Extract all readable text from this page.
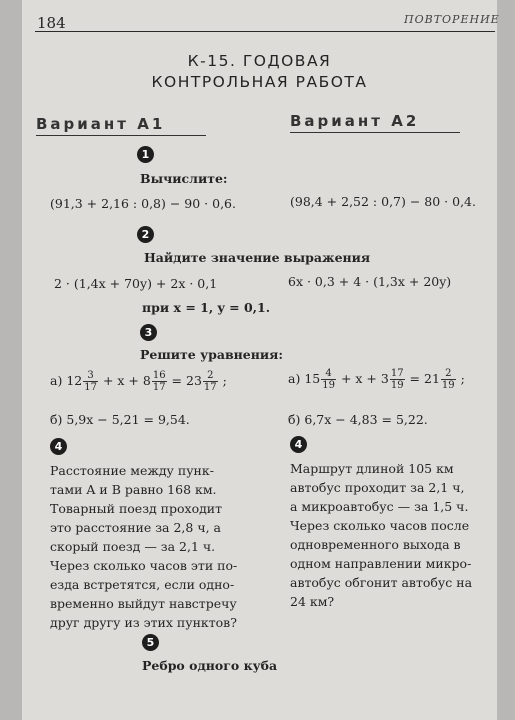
184	ПОВТОРЕНИЕ
К-15. ГОДОВАЯ
КОНТРОЛЬНАЯ РАБОТА
Вариант А1	Вариант А2
1
Вычислите:
(91,3 + 2,16 : 0,8) − 90 · 0,6.	(98,4 + 2,52 : 0,7) − 80 · 0,4.
2
Найдите значение выражения
2 · (1,4x + 70y) + 2x · 0,1	6x · 0,3 + 4 · (1,3x + 20y)
при x = 1, y = 0,1.
3
Решите уравнения:
а) $12 \frac{3}{17} + x + 8 \frac{16}{17} = 23 \frac{2}{17}$ ;	а) $15 \frac{4}{19} + x + 3 \frac{17}{19} = 21 \frac{2}{19}$ ;
б) 5,9x − 5,21 = 9,54.	б) 6,7x − 4,83 = 5,22.
4	4
Расстояние между пунк-
тами A и B равно 168 км.
Товарный поезд проходит
это расстояние за 2,8 ч, а
скорый поезд — за 2,1 ч.
Через сколько часов эти по-
езда встретятся, если одно-
временно выйдут навстречу
друг другу из этих пунктов?
Маршрут длиной 105 км
автобус проходит за 2,1 ч,
а микроавтобус — за 1,5 ч.
Через сколько часов после
одновременного выхода в
одном направлении микро-
автобус обгонит автобус на
24 км?
5
Ребро одного куба
